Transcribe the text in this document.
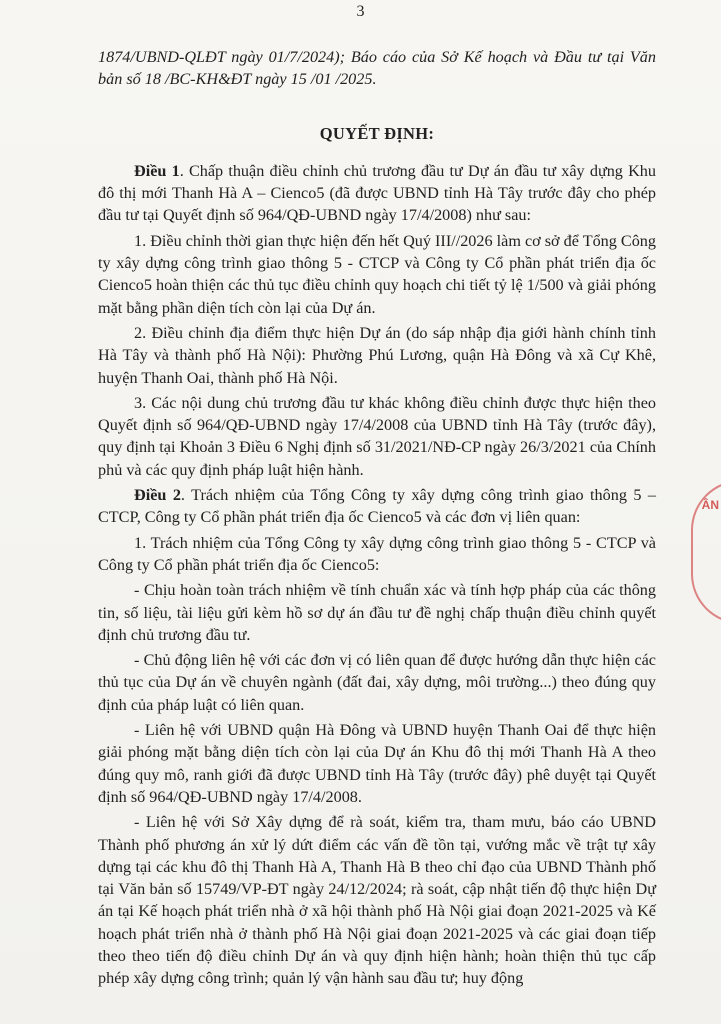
3

1874/UBND-QLĐT ngày 01/7/2024); Báo cáo của Sở Kế hoạch và Đầu tư tại Văn bản số 18 /BC-KH&ĐT ngày 15 /01 /2025.

QUYẾT ĐỊNH:

Điều 1. Chấp thuận điều chỉnh chủ trương đầu tư Dự án đầu tư xây dựng Khu đô thị mới Thanh Hà A – Cienco5 (đã được UBND tỉnh Hà Tây trước đây cho phép đầu tư tại Quyết định số 964/QĐ-UBND ngày 17/4/2008) như sau:

1. Điều chỉnh thời gian thực hiện đến hết Quý III//2026 làm cơ sở để Tổng Công ty xây dựng công trình giao thông 5 - CTCP và Công ty Cổ phần phát triển địa ốc Cienco5 hoàn thiện các thủ tục điều chỉnh quy hoạch chi tiết tỷ lệ 1/500 và giải phóng mặt bằng phần diện tích còn lại của Dự án.

2. Điều chỉnh địa điểm thực hiện Dự án (do sáp nhập địa giới hành chính tỉnh Hà Tây và thành phố Hà Nội): Phường Phú Lương, quận Hà Đông và xã Cự Khê, huyện Thanh Oai, thành phố Hà Nội.

3. Các nội dung chủ trương đầu tư khác không điều chỉnh được thực hiện theo Quyết định số 964/QĐ-UBND ngày 17/4/2008 của UBND tỉnh Hà Tây (trước đây), quy định tại Khoản 3 Điều 6 Nghị định số 31/2021/NĐ-CP ngày 26/3/2021 của Chính phủ và các quy định pháp luật hiện hành.

Điều 2. Trách nhiệm của Tổng Công ty xây dựng công trình giao thông 5 – CTCP, Công ty Cổ phần phát triển địa ốc Cienco5 và các đơn vị liên quan:

1. Trách nhiệm của Tổng Công ty xây dựng công trình giao thông 5 - CTCP và Công ty Cổ phần phát triển địa ốc Cienco5:

- Chịu hoàn toàn trách nhiệm về tính chuẩn xác và tính hợp pháp của các thông tin, số liệu, tài liệu gửi kèm hồ sơ dự án đầu tư đề nghị chấp thuận điều chỉnh quyết định chủ trương đầu tư.

- Chủ động liên hệ với các đơn vị có liên quan để được hướng dẫn thực hiện các thủ tục của Dự án về chuyên ngành (đất đai, xây dựng, môi trường...) theo đúng quy định của pháp luật có liên quan.

- Liên hệ với UBND quận Hà Đông và UBND huyện Thanh Oai để thực hiện giải phóng mặt bằng diện tích còn lại của Dự án Khu đô thị mới Thanh Hà A theo đúng quy mô, ranh giới đã được UBND tỉnh Hà Tây (trước đây) phê duyệt tại Quyết định số 964/QĐ-UBND ngày 17/4/2008.

- Liên hệ với Sở Xây dựng để rà soát, kiểm tra, tham mưu, báo cáo UBND Thành phố phương án xử lý dứt điểm các vấn đề tồn tại, vướng mắc về trật tự xây dựng tại các khu đô thị Thanh Hà A, Thanh Hà B theo chỉ đạo của UBND Thành phố tại Văn bản số 15749/VP-ĐT ngày 24/12/2024; rà soát, cập nhật tiến độ thực hiện Dự án tại Kế hoạch phát triển nhà ở xã hội thành phố Hà Nội giai đoạn 2021-2025 và Kế hoạch phát triển nhà ở thành phố Hà Nội giai đoạn 2021-2025 và các giai đoạn tiếp theo theo tiến độ điều chỉnh Dự án và quy định hiện hành; hoàn thiện thủ tục cấp phép xây dựng công trình; quản lý vận hành sau đầu tư; huy động

ÂN
